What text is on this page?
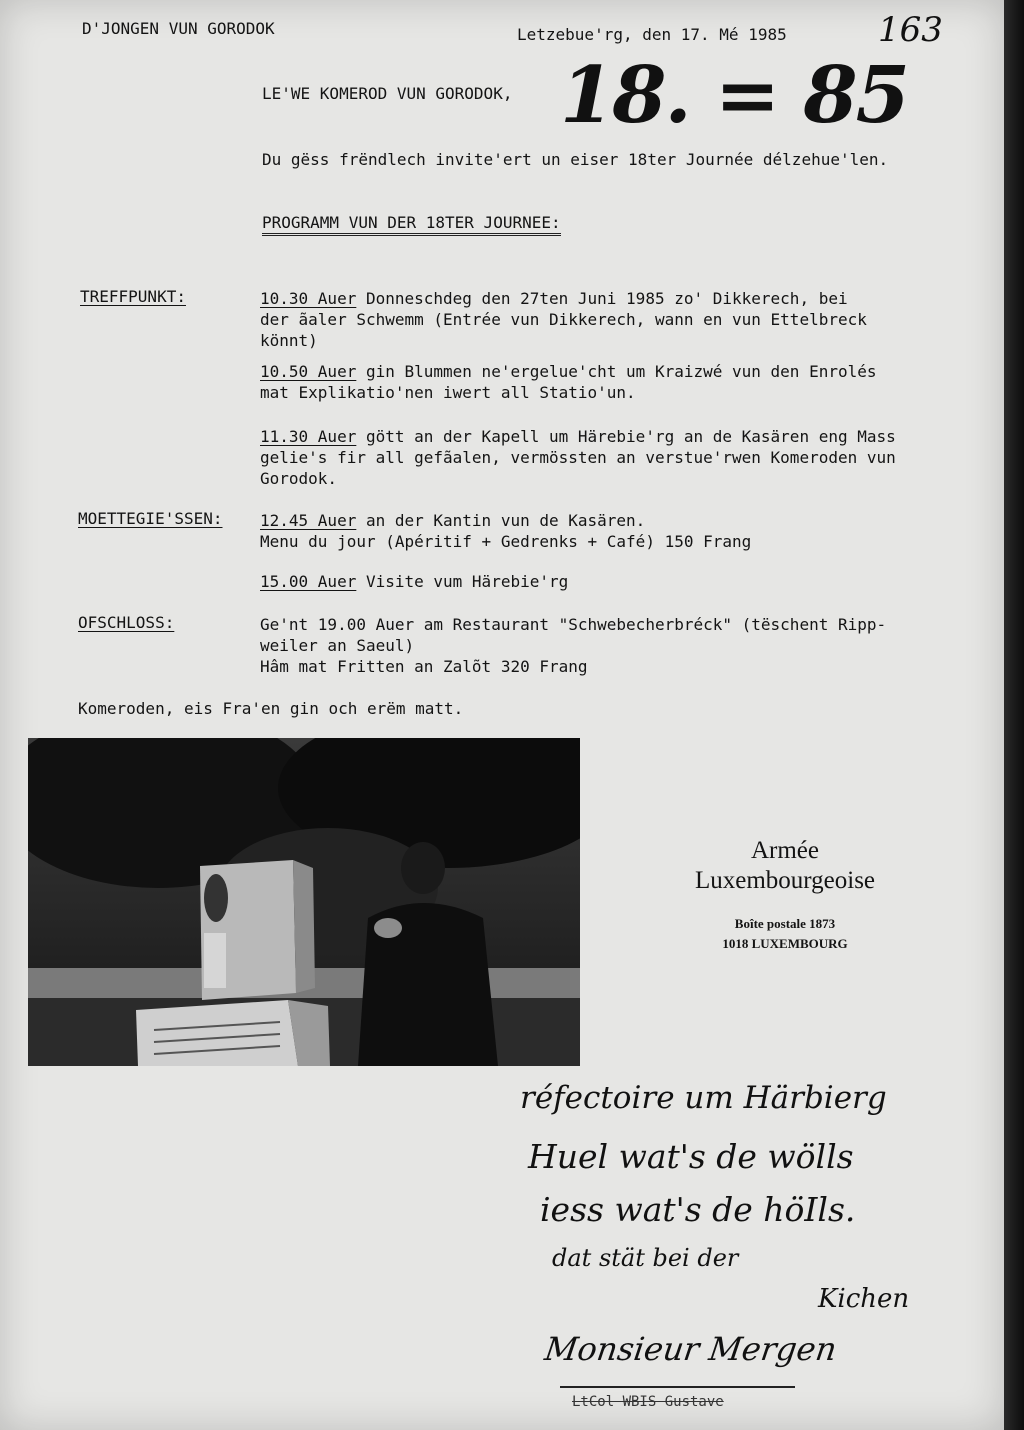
D'JONGEN VUN GORODOK	Letzebue'rg, den 17. Mé 1985	163
18. = 85
LE'WE KOMEROD VUN GORODOK,
Du gëss frëndlech invite'ert un eiser 18ter Journée délzehue'len.
PROGRAMM VUN DER 18TER JOURNEE:
TREFFPUNKT:	10.30 Auer Donneschdeg den 27ten Juni 1985 zo' Dikkerech, bei
der ãaler Schwemm (Entrée vun Dikkerech, wann en vun Ettelbreck
könnt)
10.50 Auer gin Blummen ne'ergelue'cht um Kraizwé vun den Enrolés
mat Explikatio'nen iwert all Statio'un.
11.30 Auer gött an der Kapell um Härebie'rg an de Kasären eng Mass
gelie's fir all gefãalen, vermössten an verstue'rwen Komeroden vun
Gorodok.
MOETTEGIE'SSEN: 12.45 Auer an der Kantin vun de Kasären.
Menu du jour (Apéritif + Gedrenks + Café) 150 Frang
15.00 Auer Visite vum Härebie'rg
OFSCHLOSS:	Ge'nt 19.00 Auer am Restaurant "Schwebecherbréck" (tëschent Ripp-
weiler an Saeul)
Hâm mat Fritten an Zalõt 320 Frang
Komeroden, eis Fra'en gin och erëm matt.
Armée
Luxembourgeoise
Boîte postale 1873
1018 LUXEMBOURG
réfectoire um Härbierg
Huel wat's de wölls
iess wat's de höIls.
dat stät bei der
Kichen
Monsieur Mergen
LtCol WBIS Gustave
